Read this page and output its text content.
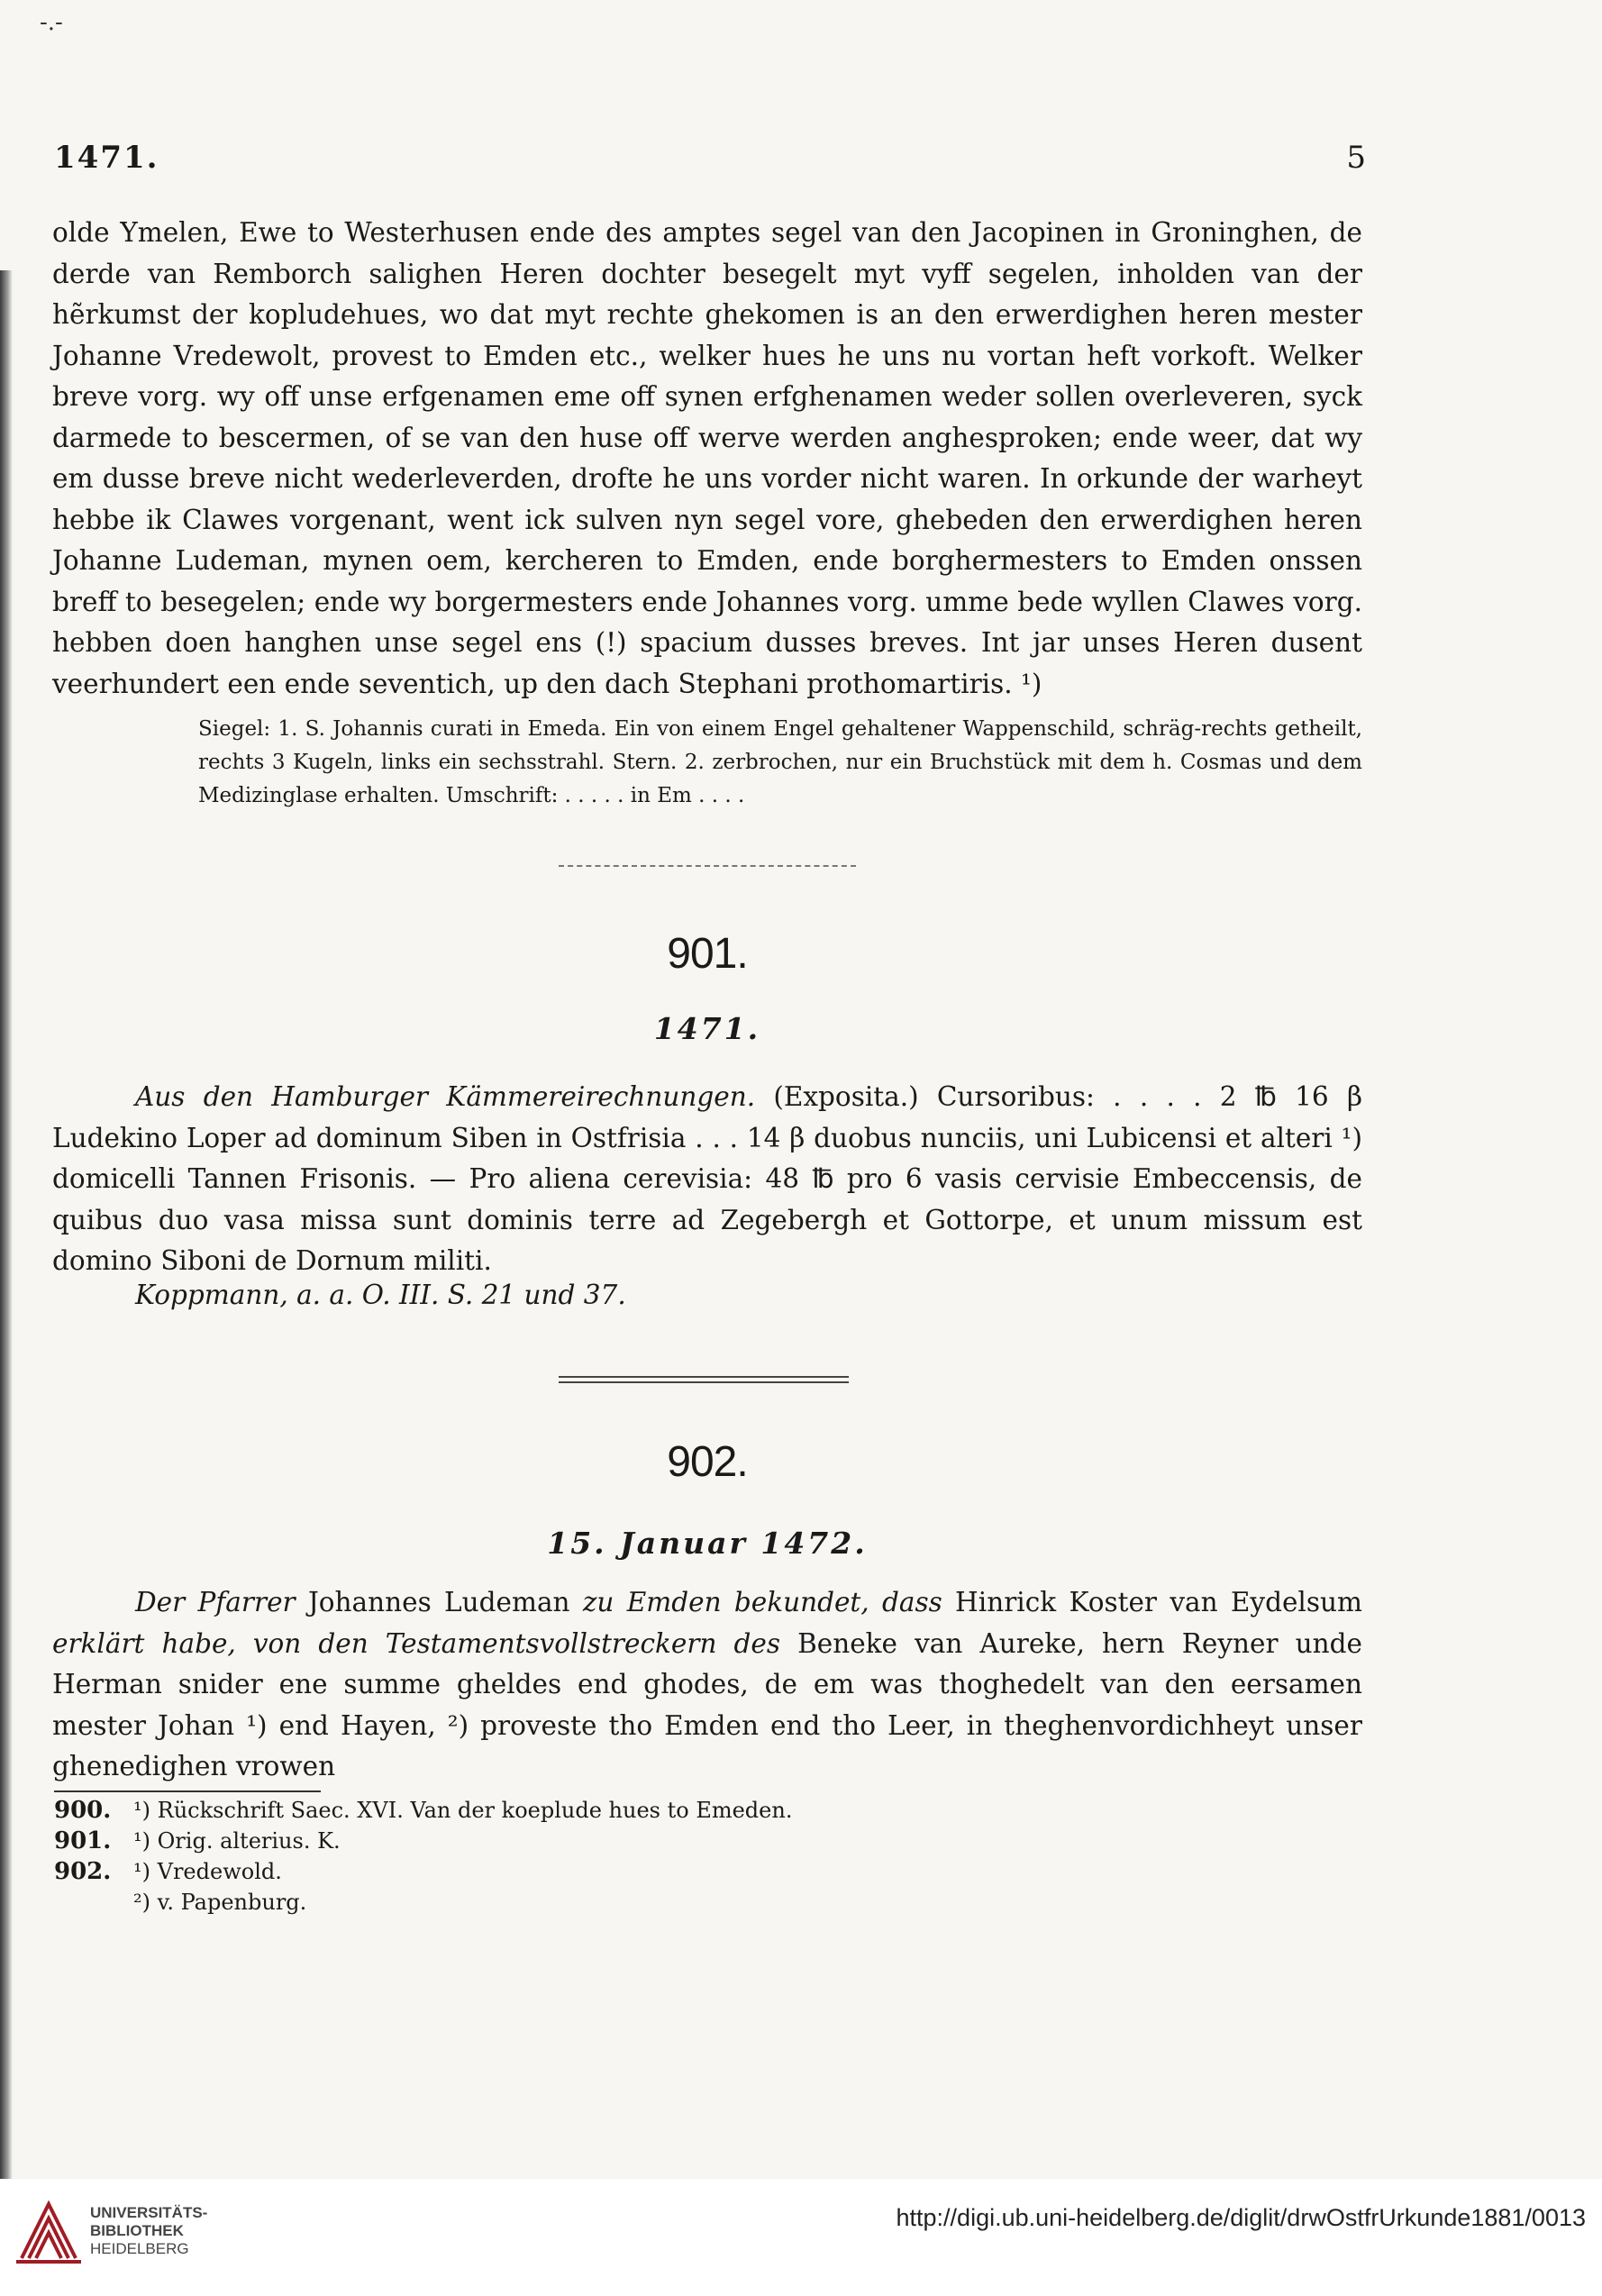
-.-
1471.	5

olde Ymelen, Ewe to Westerhusen ende des amptes segel van den Jacopinen in Groninghen, de derde van Remborch salighen Heren dochter besegelt myt vyff segelen, inholden van der hẽrkumst der kopludehues, wo dat myt rechte ghekomen is an den erwerdighen heren mester Johanne Vredewolt, provest to Emden etc., welker hues he uns nu vortan heft vorkoft. Welker breve vorg. wy off unse erfgenamen eme off synen erfghenamen weder sollen overleveren, syck darmede to bescermen, of se van den huse off werve werden anghesproken; ende weer, dat wy em dusse breve nicht wederleverden, drofte he uns vorder nicht waren. In orkunde der warheyt hebbe ik Clawes vorgenant, went ick sulven nyn segel vore, ghebeden den erwerdighen heren Johanne Ludeman, mynen oem, kercheren to Emden, ende borghermesters to Emden onssen breff to besegelen; ende wy borgermesters ende Johannes vorg. umme bede wyllen Clawes vorg. hebben doen hanghen unse segel ens (!) spacium dusses breves. Int jar unses Heren dusent veerhundert een ende seventich, up den dach Stephani prothomartiris. ¹)

Siegel: 1. S. Johannis curati in Emeda. Ein von einem Engel gehaltener Wappenschild, schräg-rechts getheilt, rechts 3 Kugeln, links ein sechsstrahl. Stern. 2. zerbrochen, nur ein Bruchstück mit dem h. Cosmas und dem Medizinglase erhalten. Umschrift: . . . . . in Em . . . .

901.
1471.

Aus den Hamburger Kämmereirechnungen. (Exposita.) Cursoribus: . . . . 2 ℔ 16 β Ludekino Loper ad dominum Siben in Ostfrisia . . . 14 β duobus nunciis, uni Lubicensi et alteri ¹) domicelli Tannen Frisonis. — Pro aliena cerevisia: 48 ℔ pro 6 vasis cervisie Embeccensis, de quibus duo vasa missa sunt dominis terre ad Zegebergh et Gottorpe, et unum missum est domino Siboni de Dornum militi.

Koppmann, a. a. O. III. S. 21 und 37.
902.
15. Januar 1472.

Der Pfarrer Johannes Ludeman zu Emden bekundet, dass Hinrick Koster van Eydelsum erklärt habe, von den Testamentsvollstreckern des Beneke van Aureke, hern Reyner unde Herman snider ene summe gheldes end ghodes, de em was thoghedelt van den eersamen mester Johan ¹) end Hayen, ²) proveste tho Emden end tho Leer, in theghenvordichheyt unser ghenedighen vrowen

900. ¹) Rückschrift Saec. XVI. Van der koeplude hues to Emeden.
901. ¹) Orig. alterius. K.
902. ¹) Vredewold.
²) v. Papenburg.
UNIVERSITÄTS-
BIBLIOTHEK
HEIDELBERG
http://digi.ub.uni-heidelberg.de/diglit/drwOstfrUrkunde1881/0013
